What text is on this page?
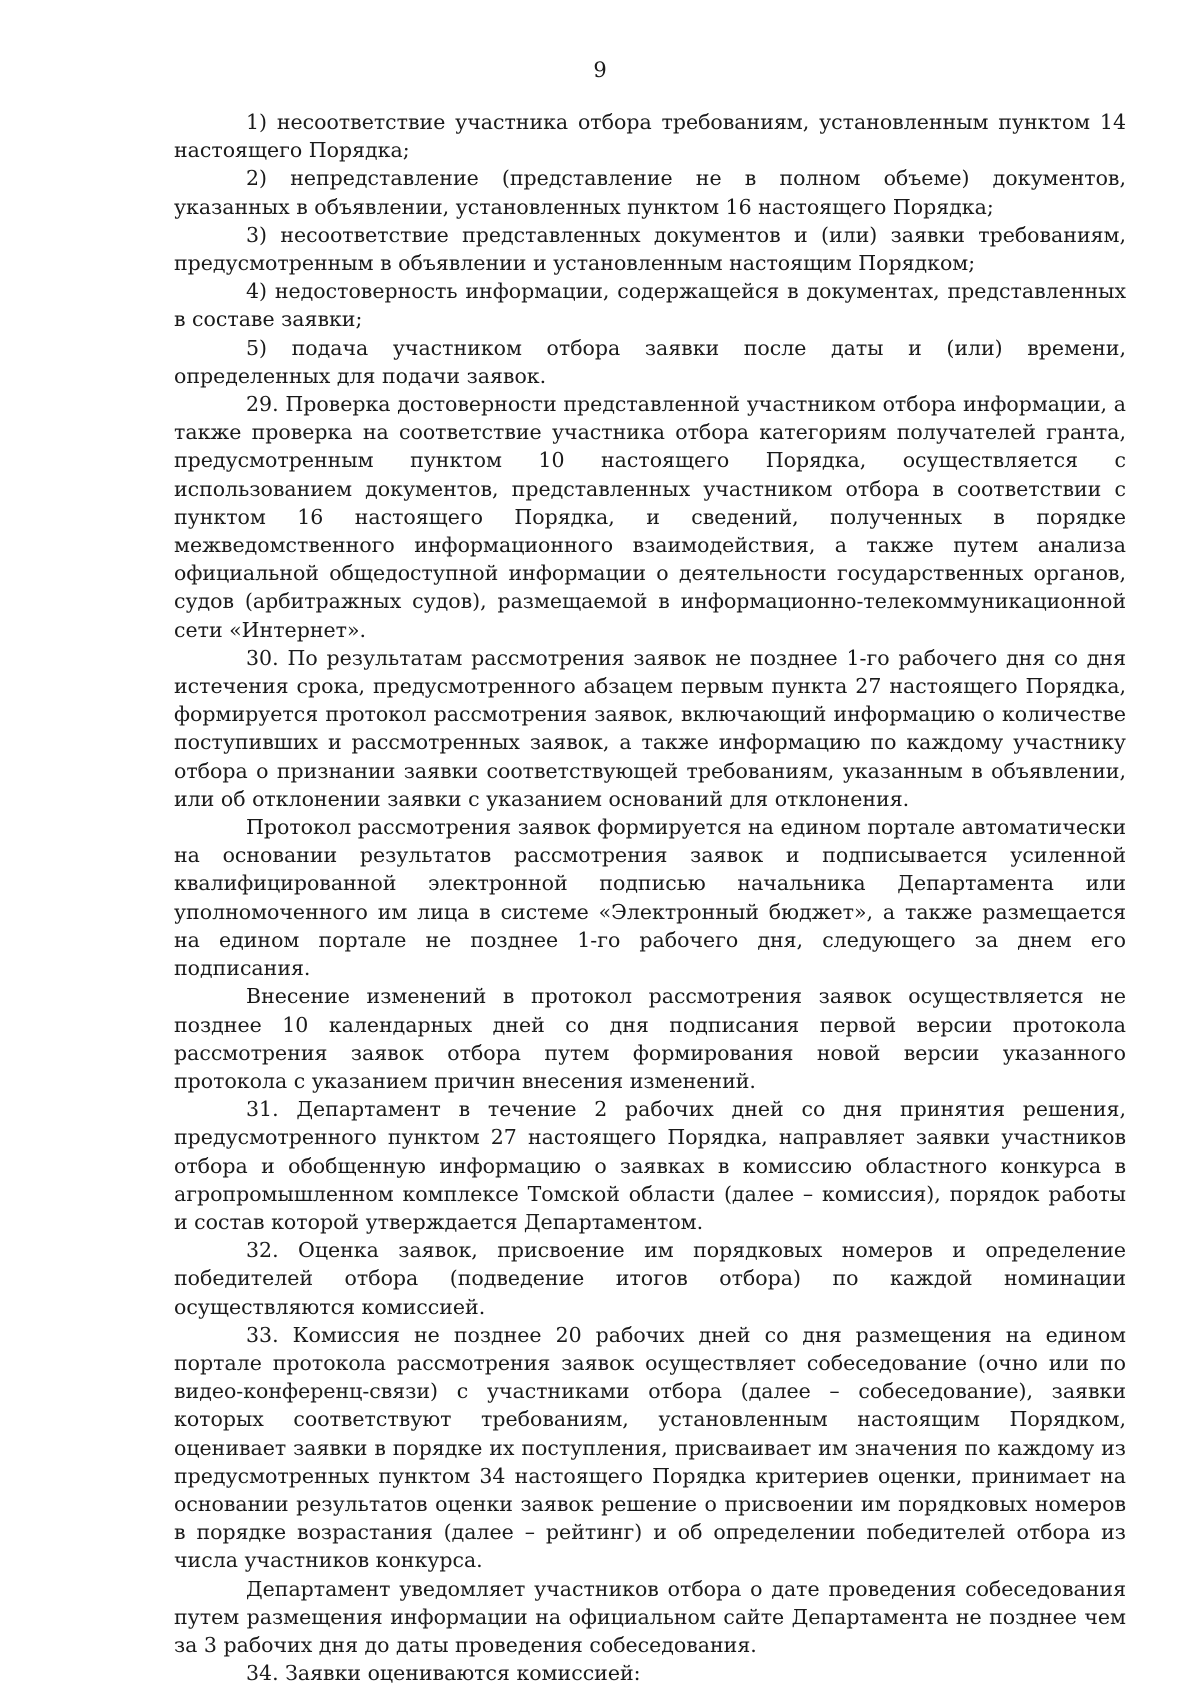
9

1) несоответствие участника отбора требованиям, установленным пунктом 14 настоящего Порядка;

2) непредставление (представление не в полном объеме) документов, указанных в объявлении, установленных пунктом 16 настоящего Порядка;

3) несоответствие представленных документов и (или) заявки требованиям, предусмотренным в объявлении и установленным настоящим Порядком;

4) недостоверность информации, содержащейся в документах, представленных в составе заявки;

5) подача участником отбора заявки после даты и (или) времени, определенных для подачи заявок.

29. Проверка достоверности представленной участником отбора информации, а также проверка на соответствие участника отбора категориям получателей гранта, предусмотренным пунктом 10 настоящего Порядка, осуществляется с использованием документов, представленных участником отбора в соответствии с пунктом 16 настоящего Порядка, и сведений, полученных в порядке межведомственного информационного взаимодействия, а также путем анализа официальной общедоступной информации о деятельности государственных органов, судов (арбитражных судов), размещаемой в информационно-телекоммуникационной сети «Интернет».

30. По результатам рассмотрения заявок не позднее 1-го рабочего дня со дня истечения срока, предусмотренного абзацем первым пункта 27 настоящего Порядка, формируется протокол рассмотрения заявок, включающий информацию о количестве поступивших и рассмотренных заявок, а также информацию по каждому участнику отбора о признании заявки соответствующей требованиям, указанным в объявлении, или об отклонении заявки с указанием оснований для отклонения.

Протокол рассмотрения заявок формируется на едином портале автоматически на основании результатов рассмотрения заявок и подписывается усиленной квалифицированной электронной подписью начальника Департамента или уполномоченного им лица в системе «Электронный бюджет», а также размещается на едином портале не позднее 1-го рабочего дня, следующего за днем его подписания.

Внесение изменений в протокол рассмотрения заявок осуществляется не позднее 10 календарных дней со дня подписания первой версии протокола рассмотрения заявок отбора путем формирования новой версии указанного протокола с указанием причин внесения изменений.

31. Департамент в течение 2 рабочих дней со дня принятия решения, предусмотренного пунктом 27 настоящего Порядка, направляет заявки участников отбора и обобщенную информацию о заявках в комиссию областного конкурса в агропромышленном комплексе Томской области (далее – комиссия), порядок работы и состав которой утверждается Департаментом.

32. Оценка заявок, присвоение им порядковых номеров и определение победителей отбора (подведение итогов отбора) по каждой номинации осуществляются комиссией.

33. Комиссия не позднее 20 рабочих дней со дня размещения на едином портале протокола рассмотрения заявок осуществляет собеседование (очно или по видео-конференц-связи) с участниками отбора (далее – собеседование), заявки которых соответствуют требованиям, установленным настоящим Порядком, оценивает заявки в порядке их поступления, присваивает им значения по каждому из предусмотренных пунктом 34 настоящего Порядка критериев оценки, принимает на основании результатов оценки заявок решение о присвоении им порядковых номеров в порядке возрастания (далее – рейтинг) и об определении победителей отбора из числа участников конкурса.

Департамент уведомляет участников отбора о дате проведения собеседования путем размещения информации на официальном сайте Департамента не позднее чем за 3 рабочих дня до даты проведения собеседования.

34. Заявки оцениваются комиссией:
